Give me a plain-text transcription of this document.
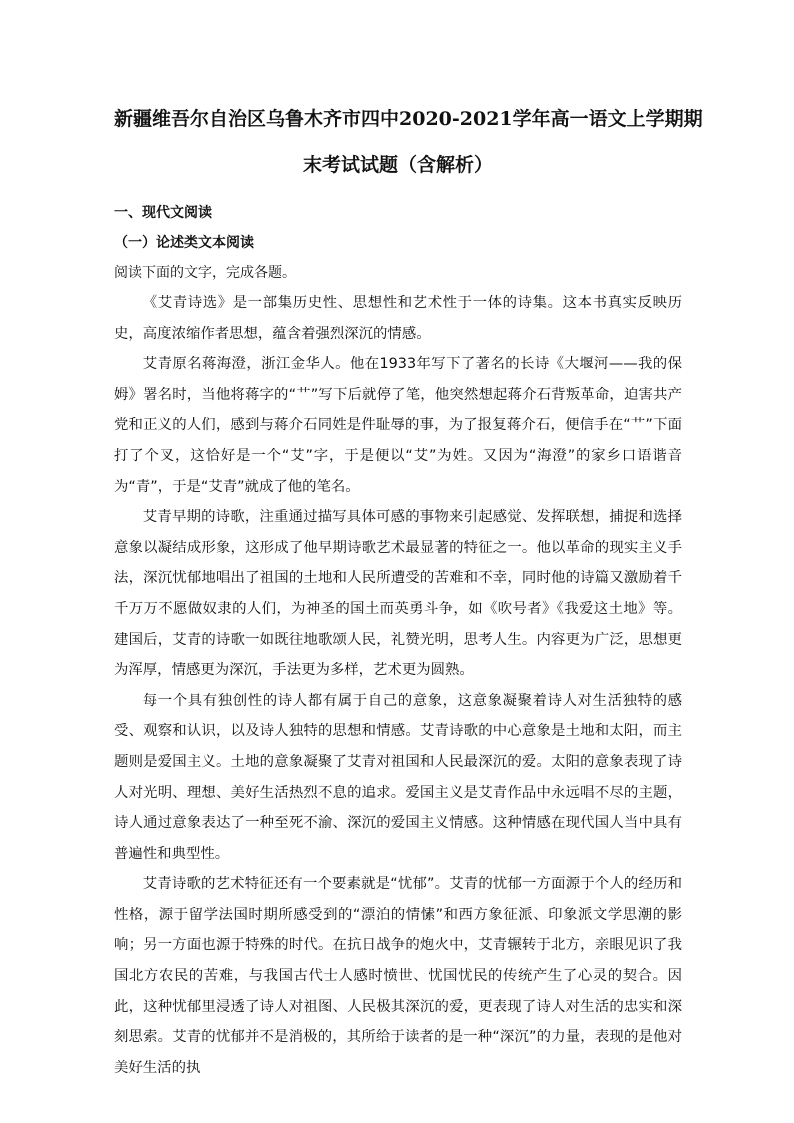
新疆维吾尔自治区乌鲁木齐市四中2020-2021学年高一语文上学期期
末考试试题（含解析）

一、现代文阅读

（一）论述类文本阅读

阅读下面的文字，完成各题。

《艾青诗选》是一部集历史性、思想性和艺术性于一体的诗集。这本书真实反映历史，高度浓缩作者思想，蕴含着强烈深沉的情感。

艾青原名蒋海澄，浙江金华人。他在1933年写下了著名的长诗《大堰河——我的保姆》署名时，当他将蒋字的“艹”写下后就停了笔，他突然想起蒋介石背叛革命，迫害共产党和正义的人们，感到与蒋介石同姓是件耻辱的事，为了报复蒋介石，便信手在“艹”下面打了个叉，这恰好是一个“艾”字，于是便以“艾”为姓。又因为“海澄”的家乡口语谐音为“青”，于是“艾青”就成了他的笔名。

艾青早期的诗歌，注重通过描写具体可感的事物来引起感觉、发挥联想，捕捉和选择意象以凝结成形象，这形成了他早期诗歌艺术最显著的特征之一。他以革命的现实主义手法，深沉忧郁地唱出了祖国的土地和人民所遭受的苦难和不幸，同时他的诗篇又激励着千千万万不愿做奴隶的人们，为神圣的国土而英勇斗争，如《吹号者》《我爱这土地》等。建国后，艾青的诗歌一如既往地歌颂人民，礼赞光明，思考人生。内容更为广泛，思想更为浑厚，情感更为深沉，手法更为多样，艺术更为圆熟。

每一个具有独创性的诗人都有属于自己的意象，这意象凝聚着诗人对生活独特的感受、观察和认识，以及诗人独特的思想和情感。艾青诗歌的中心意象是土地和太阳，而主题则是爱国主义。土地的意象凝聚了艾青对祖国和人民最深沉的爱。太阳的意象表现了诗人对光明、理想、美好生活热烈不息的追求。爱国主义是艾青作品中永远唱不尽的主题，诗人通过意象表达了一种至死不渝、深沉的爱国主义情感。这种情感在现代国人当中具有普遍性和典型性。

艾青诗歌的艺术特征还有一个要素就是“忧郁”。艾青的忧郁一方面源于个人的经历和性格，源于留学法国时期所感受到的“漂泊的情愫”和西方象征派、印象派文学思潮的影响；另一方面也源于特殊的时代。在抗日战争的炮火中，艾青辗转于北方，亲眼见识了我国北方农民的苦难，与我国古代士人感时愤世、忧国忧民的传统产生了心灵的契合。因此，这种忧郁里浸透了诗人对祖图、人民极其深沉的爱，更表现了诗人对生活的忠实和深刻思索。艾青的忧郁并不是消极的，其所给于读者的是一种“深沉”的力量，表现的是他对美好生活的执
